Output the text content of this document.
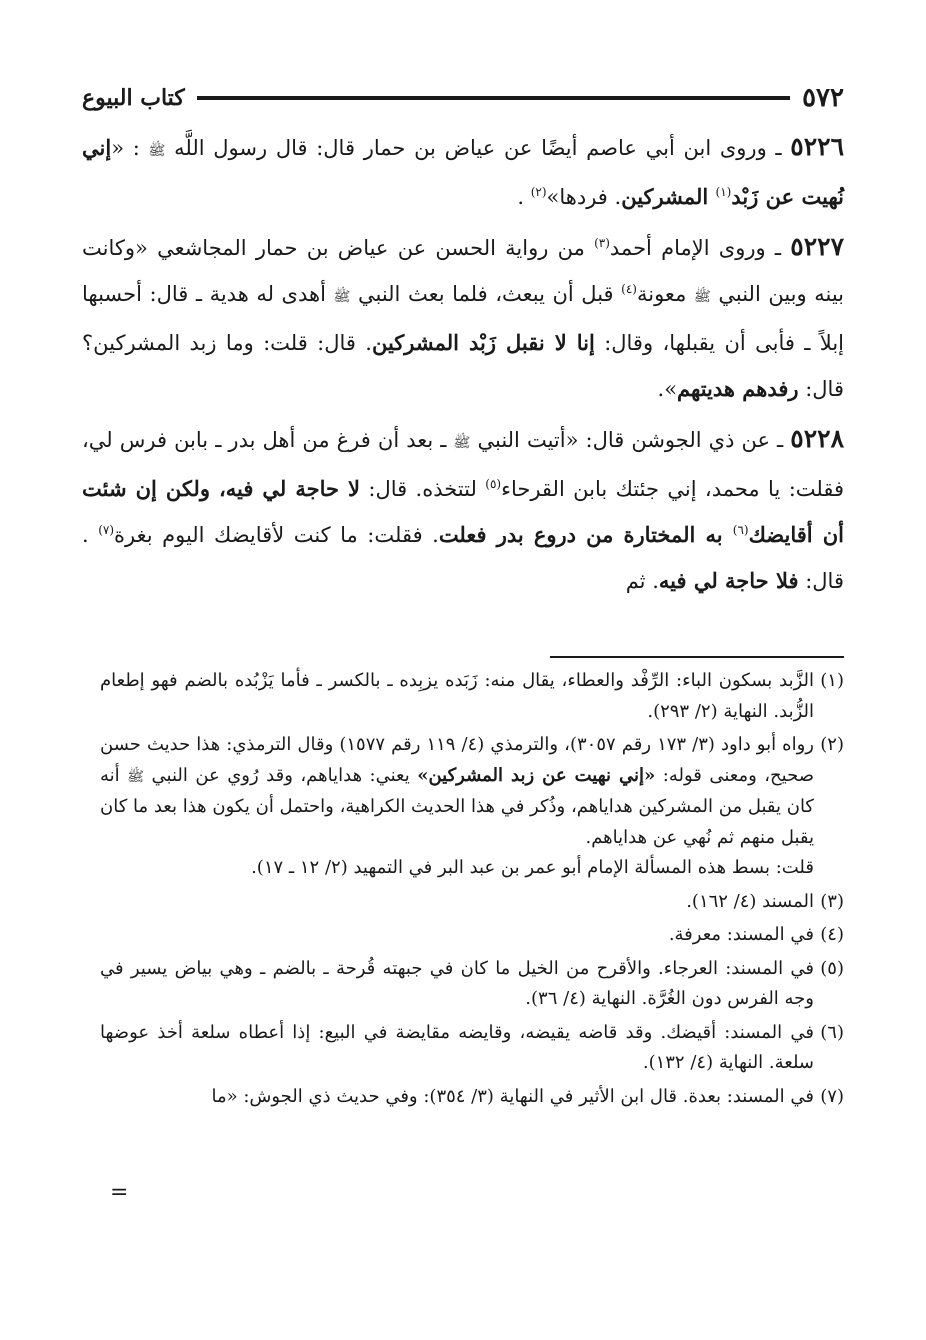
٥٧٢
كتاب البيوع

٥٢٢٦ ـ وروى ابن أبي عاصم أيضًا عن عياض بن حمار قال: قال رسول اللَّه ﷺ : «إني نُهيت عن زَبْد$^{(١)}$ المشركين. فردها»$^{(٢)}$ .

٥٢٢٧ ـ وروى الإمام أحمد$^{(٣)}$ من رواية الحسن عن عياض بن حمار المجاشعي «وكانت بينه وبين النبي ﷺ معونة$^{(٤)}$ قبل أن يبعث، فلما بعث النبي ﷺ أهدى له هدية ـ قال: أحسبها إبلاً ـ فأبى أن يقبلها، وقال: إنا لا نقبل زَبْد المشركين. قال: قلت: وما زبد المشركين؟ قال: رفدهم هديتهم».

٥٢٢٨ ـ عن ذي الجوشن قال: «أتيت النبي ﷺ ـ بعد أن فرغ من أهل بدر ـ بابن فرس لي، فقلت: يا محمد، إني جئتك بابن القرحاء$^{(٥)}$ لتتخذه. قال: لا حاجة لي فيه، ولكن إن شئت أن أقايضك$^{(٦)}$ به المختارة من دروع بدر فعلت. فقلت: ما كنت لأقايضك اليوم بغرة$^{(٧)}$ . قال: فلا حاجة لي فيه. ثم

(١)الزَّبد بسكون الباء: الرِّفْد والعطاء، يقال منه: زَبَده يزبِده ـ بالكسر ـ فأما يَزْبُده بالضم فهو إطعام الزُّبد. النهاية (٢/ ٢٩٣).

(٢)رواه أبو داود (٣/ ١٧٣ رقم ٣٠٥٧)، والترمذي (٤/ ١١٩ رقم ١٥٧٧) وقال الترمذي: هذا حديث حسن صحيح، ومعنى قوله: «إني نهيت عن زبد المشركين» يعني: هداياهم، وقد رُوي عن النبي ﷺ أنه كان يقبل من المشركين هداياهم، وذُكر في هذا الحديث الكراهية، واحتمل أن يكون هذا بعد ما كان يقبل منهم ثم نُهي عن هداياهم.
قلت: بسط هذه المسألة الإمام أبو عمر بن عبد البر في التمهيد (٢/ ١٢ ـ ١٧).

(٣)المسند (٤/ ١٦٢).

(٤)في المسند: معرفة.

(٥)في المسند: العرجاء. والأقرح من الخيل ما كان في جبهته قُرحة ـ بالضم ـ وهي بياض يسير في وجه الفرس دون الغُرَّة. النهاية (٤/ ٣٦).

(٦)في المسند: أقيضك. وقد قاضه يقيضه، وقايضه مقايضة في البيع: إذا أعطاه سلعة أخذ عوضها سلعة. النهاية (٤/ ١٣٢).

(٧)في المسند: بعدة. قال ابن الأثير في النهاية (٣/ ٣٥٤): وفي حديث ذي الجوش: «ما

=
